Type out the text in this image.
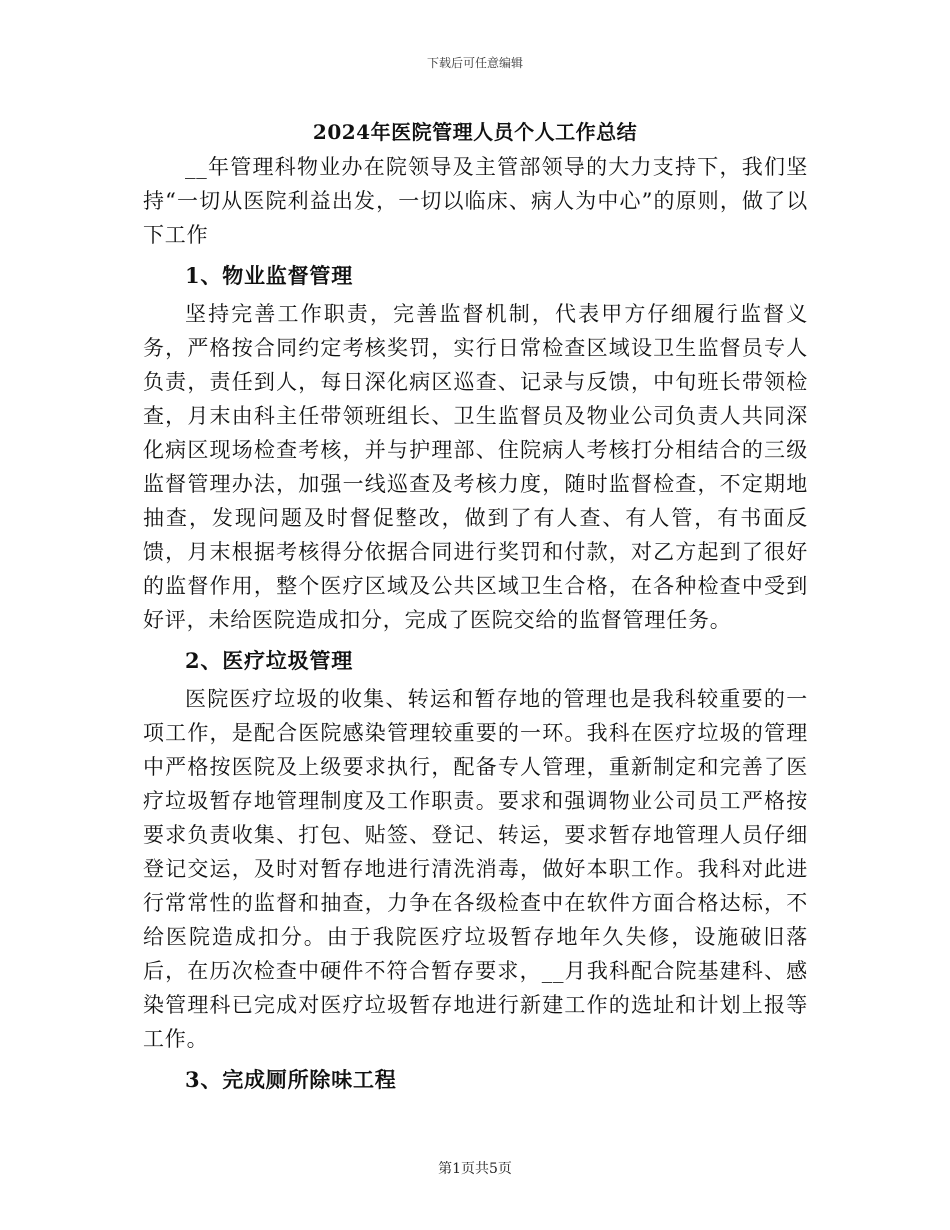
下载后可任意编辑
2024年医院管理人员个人工作总结

__年管理科物业办在院领导及主管部领导的大力支持下，我们坚持“一切从医院利益出发，一切以临床、病人为中心”的原则，做了以下工作

1、物业监督管理

坚持完善工作职责，完善监督机制，代表甲方仔细履行监督义务，严格按合同约定考核奖罚，实行日常检查区域设卫生监督员专人负责，责任到人，每日深化病区巡查、记录与反馈，中旬班长带领检查，月末由科主任带领班组长、卫生监督员及物业公司负责人共同深化病区现场检查考核，并与护理部、住院病人考核打分相结合的三级监督管理办法，加强一线巡查及考核力度，随时监督检查，不定期地抽查，发现问题及时督促整改，做到了有人查、有人管，有书面反馈，月末根据考核得分依据合同进行奖罚和付款，对乙方起到了很好的监督作用，整个医疗区域及公共区域卫生合格，在各种检查中受到好评，未给医院造成扣分，完成了医院交给的监督管理任务。

2、医疗垃圾管理

医院医疗垃圾的收集、转运和暂存地的管理也是我科较重要的一项工作，是配合医院感染管理较重要的一环。我科在医疗垃圾的管理中严格按医院及上级要求执行，配备专人管理，重新制定和完善了医疗垃圾暂存地管理制度及工作职责。要求和强调物业公司员工严格按要求负责收集、打包、贴签、登记、转运，要求暂存地管理人员仔细登记交运，及时对暂存地进行清洗消毒，做好本职工作。我科对此进行常常性的监督和抽查，力争在各级检查中在软件方面合格达标，不给医院造成扣分。由于我院医疗垃圾暂存地年久失修，设施破旧落后，在历次检查中硬件不符合暂存要求，__月我科配合院基建科、感染管理科已完成对医疗垃圾暂存地进行新建工作的选址和计划上报等工作。

3、完成厕所除味工程
第1页共5页
